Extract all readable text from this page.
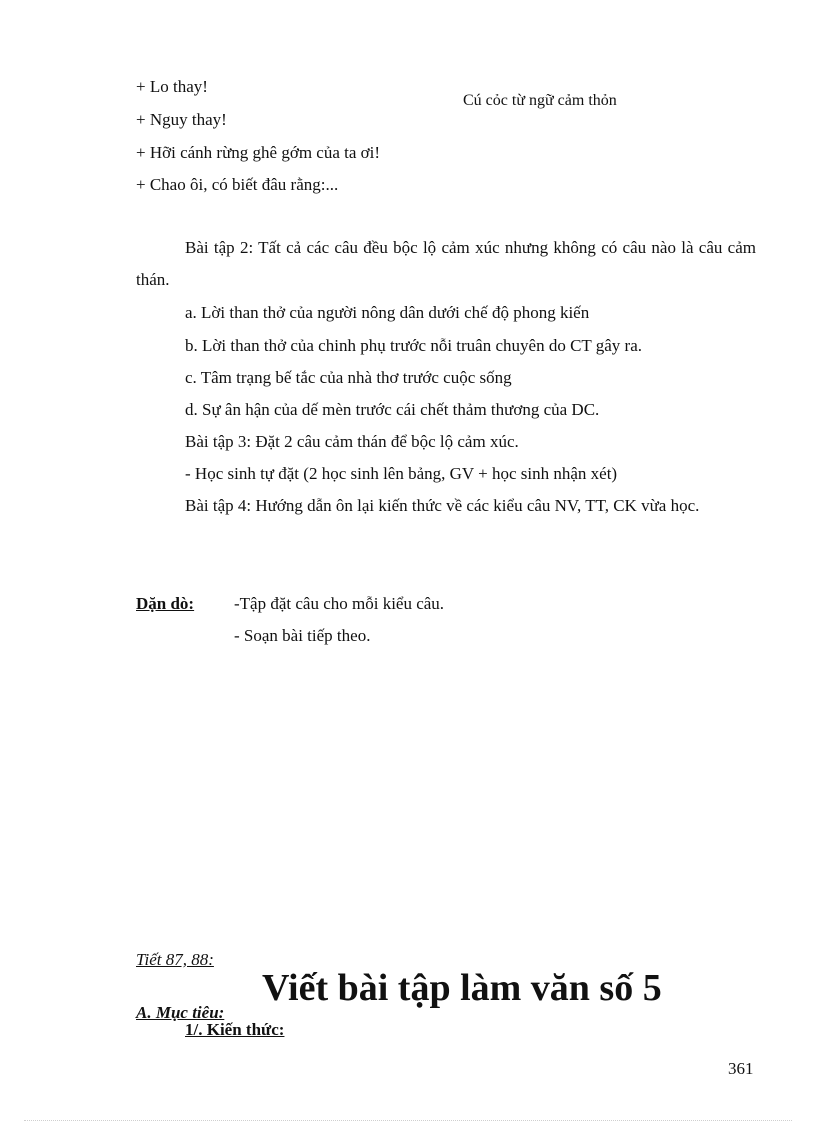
+ Lo thay!
+ Nguy thay!
+ Hỡi cánh rừng ghê gớm của ta ơi!
+ Chao ôi, có biết đâu rằng:...
Cú cỏc từ ngữ cảm thỏn
Bài tập 2: Tất cả các câu đều bộc lộ cảm xúc nhưng không có câu nào là câu cảm thán.
a. Lời than thở của người nông dân dưới chế độ phong kiến
b. Lời than thở của chinh phụ trước nỗi truân chuyên do CT gây ra.
c. Tâm trạng bế tắc của nhà thơ trước cuộc sống
d. Sự ân hận của dế mèn trước cái chết thảm thương của DC.
Bài tập 3: Đặt 2 câu cảm thán để bộc lộ cảm xúc.
- Học sinh tự đặt (2 học sinh lên bảng, GV + học sinh nhận xét)
Bài tập 4: Hướng dẫn ôn lại kiến thức về các kiểu câu NV, TT, CK vừa học.
Dặn dò: -Tập đặt câu cho mỗi kiểu câu.
- Soạn bài tiếp theo.
Tiết 87, 88:
Viết bài tập làm văn số 5
A. Mục tiêu:
1/. Kiến thức:
361
